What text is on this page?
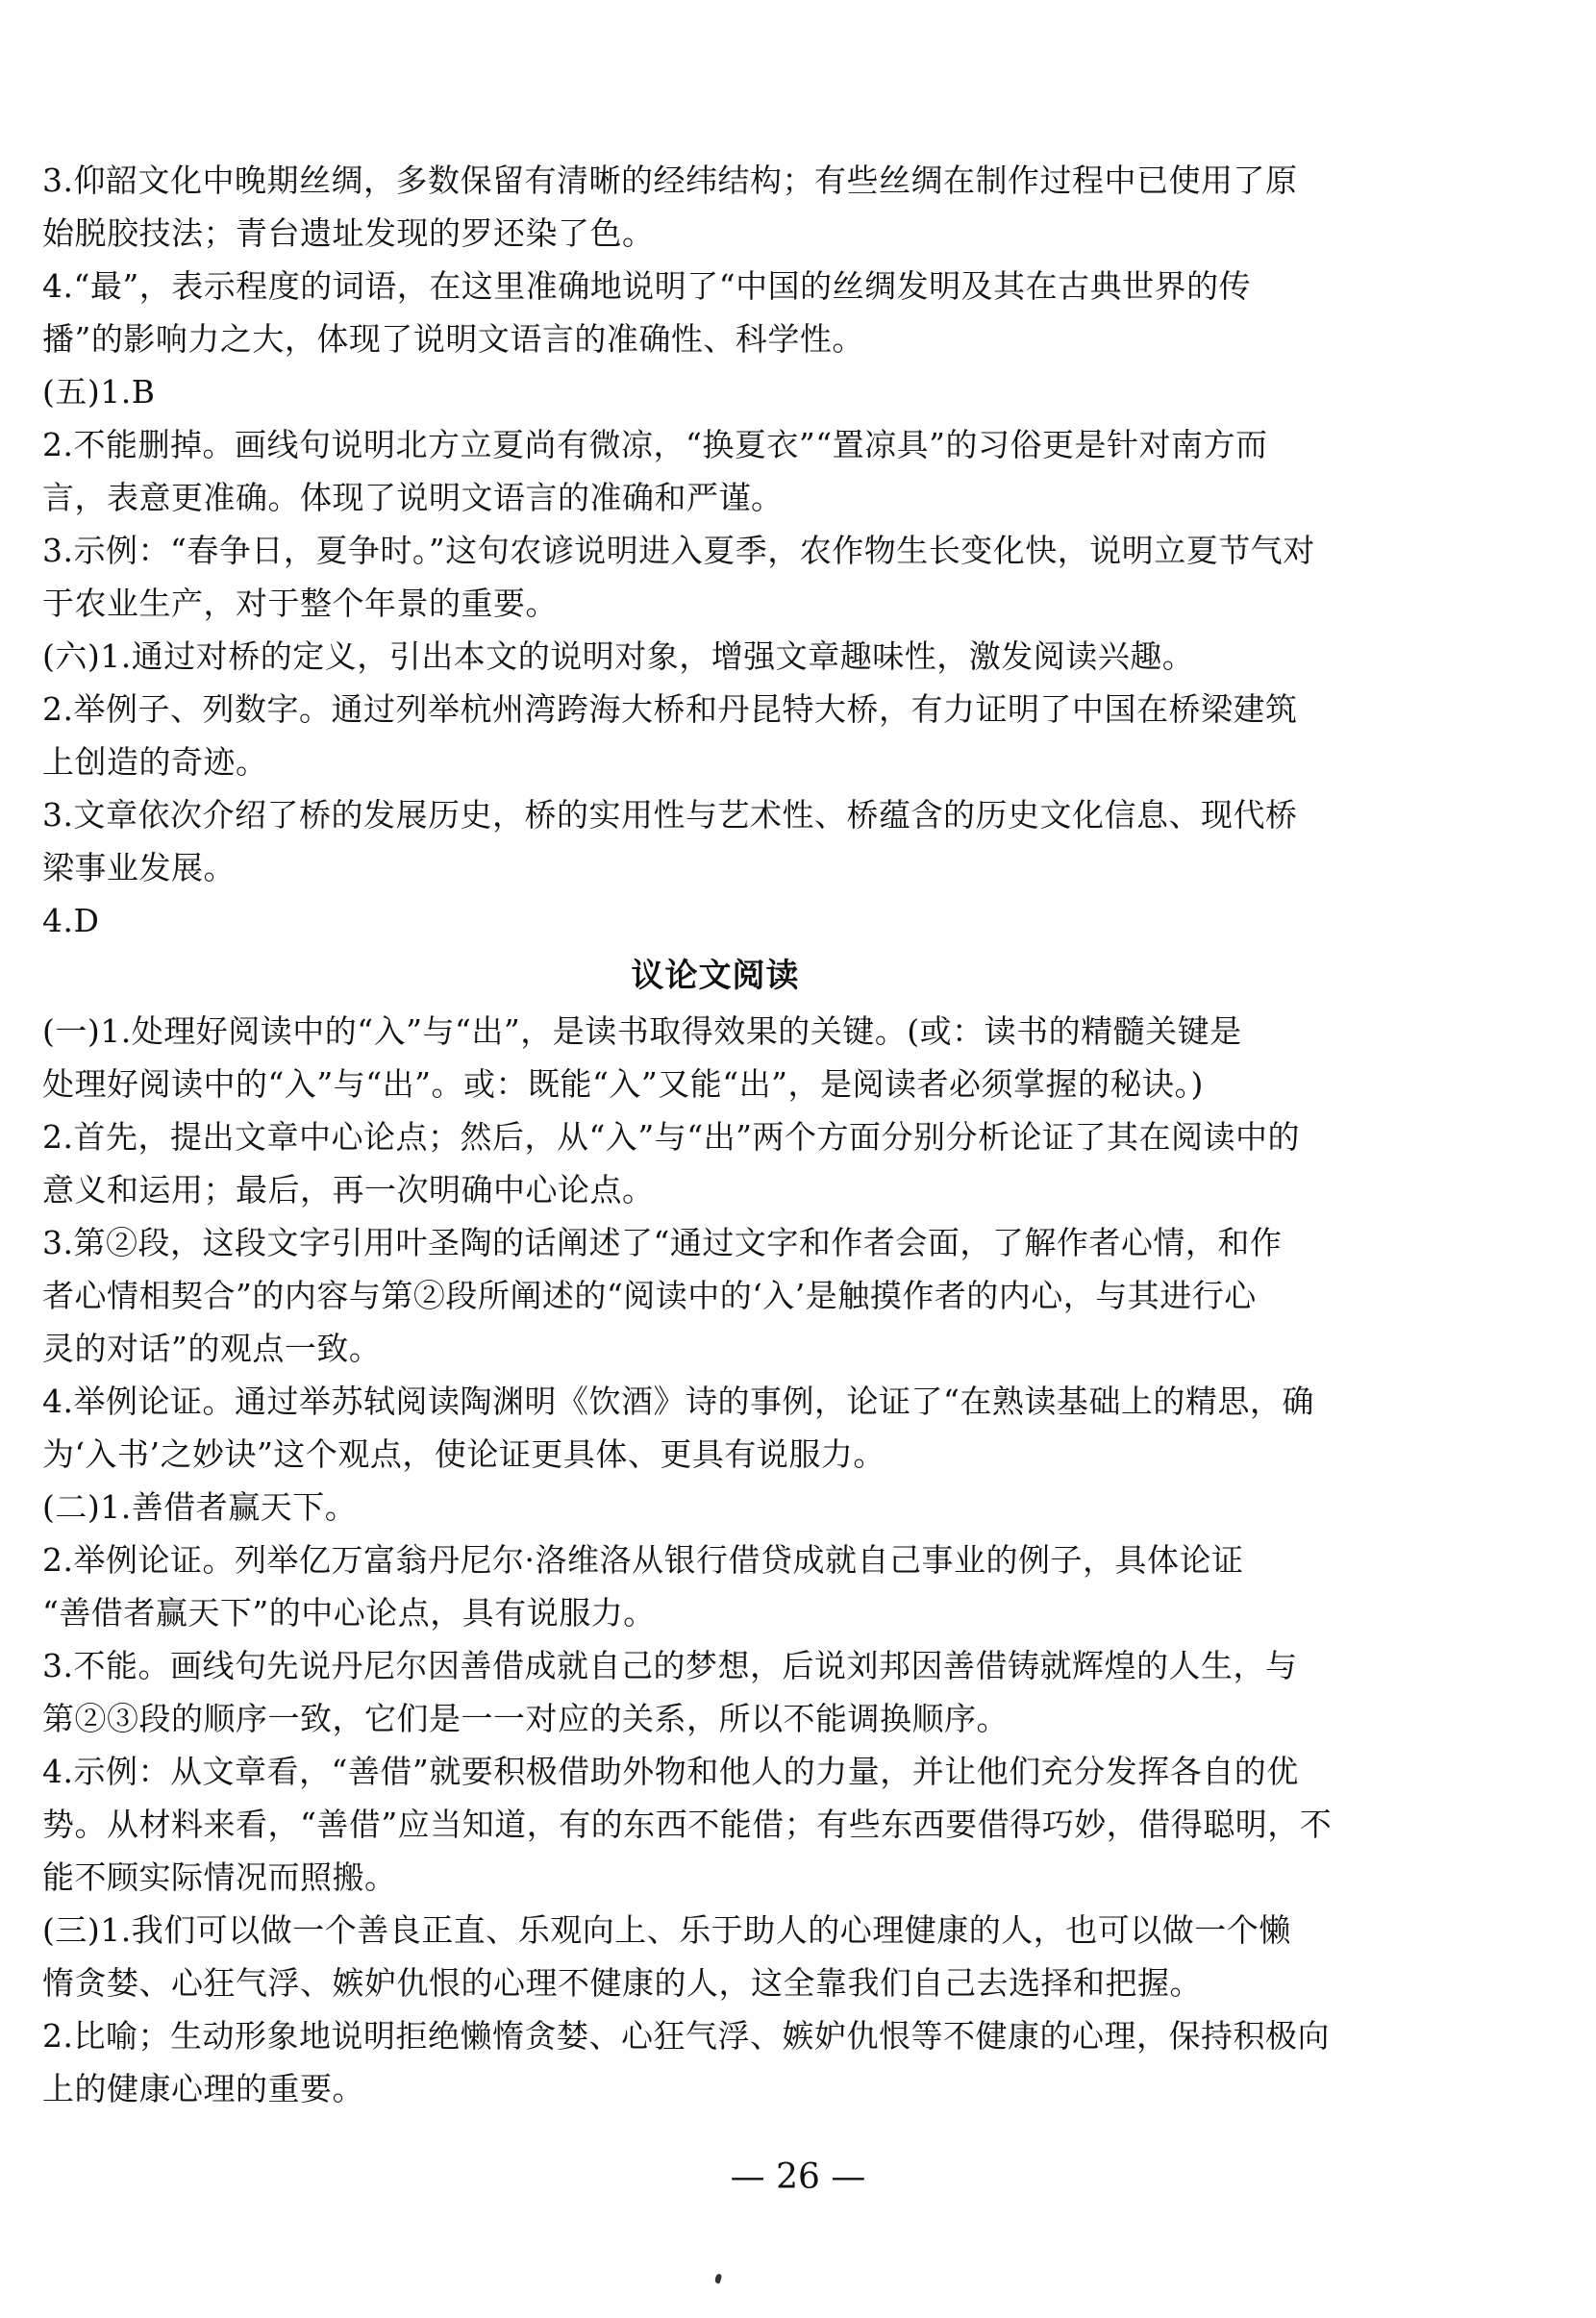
3.仰韶文化中晚期丝绸，多数保留有清晰的经纬结构；有些丝绸在制作过程中已使用了原
始脱胶技法；青台遗址发现的罗还染了色。
4.“最”，表示程度的词语，在这里准确地说明了“中国的丝绸发明及其在古典世界的传
播”的影响力之大，体现了说明文语言的准确性、科学性。
(五)1.B
2.不能删掉。画线句说明北方立夏尚有微凉，“换夏衣”“置凉具”的习俗更是针对南方而
言，表意更准确。体现了说明文语言的准确和严谨。
3.示例：“春争日，夏争时。”这句农谚说明进入夏季，农作物生长变化快，说明立夏节气对
于农业生产，对于整个年景的重要。
(六)1.通过对桥的定义，引出本文的说明对象，增强文章趣味性，激发阅读兴趣。
2.举例子、列数字。通过列举杭州湾跨海大桥和丹昆特大桥，有力证明了中国在桥梁建筑
上创造的奇迹。
3.文章依次介绍了桥的发展历史，桥的实用性与艺术性、桥蕴含的历史文化信息、现代桥
梁事业发展。
4.D
议论文阅读
(一)1.处理好阅读中的“入”与“出”，是读书取得效果的关键。(或：读书的精髓关键是
处理好阅读中的“入”与“出”。或：既能“入”又能“出”，是阅读者必须掌握的秘诀。)
2.首先，提出文章中心论点；然后，从“入”与“出”两个方面分别分析论证了其在阅读中的
意义和运用；最后，再一次明确中心论点。
3.第②段，这段文字引用叶圣陶的话阐述了“通过文字和作者会面，了解作者心情，和作
者心情相契合”的内容与第②段所阐述的“阅读中的‘入’是触摸作者的内心，与其进行心
灵的对话”的观点一致。
4.举例论证。通过举苏轼阅读陶渊明《饮酒》诗的事例，论证了“在熟读基础上的精思，确
为‘入书’之妙诀”这个观点，使论证更具体、更具有说服力。
(二)1.善借者赢天下。
2.举例论证。列举亿万富翁丹尼尔·洛维洛从银行借贷成就自己事业的例子，具体论证
“善借者赢天下”的中心论点，具有说服力。
3.不能。画线句先说丹尼尔因善借成就自己的梦想，后说刘邦因善借铸就辉煌的人生，与
第②③段的顺序一致，它们是一一对应的关系，所以不能调换顺序。
4.示例：从文章看，“善借”就要积极借助外物和他人的力量，并让他们充分发挥各自的优
势。从材料来看，“善借”应当知道，有的东西不能借；有些东西要借得巧妙，借得聪明，不
能不顾实际情况而照搬。
(三)1.我们可以做一个善良正直、乐观向上、乐于助人的心理健康的人，也可以做一个懒
惰贪婪、心狂气浮、嫉妒仇恨的心理不健康的人，这全靠我们自己去选择和把握。
2.比喻；生动形象地说明拒绝懒惰贪婪、心狂气浮、嫉妒仇恨等不健康的心理，保持积极向
上的健康心理的重要。
— 26 —
